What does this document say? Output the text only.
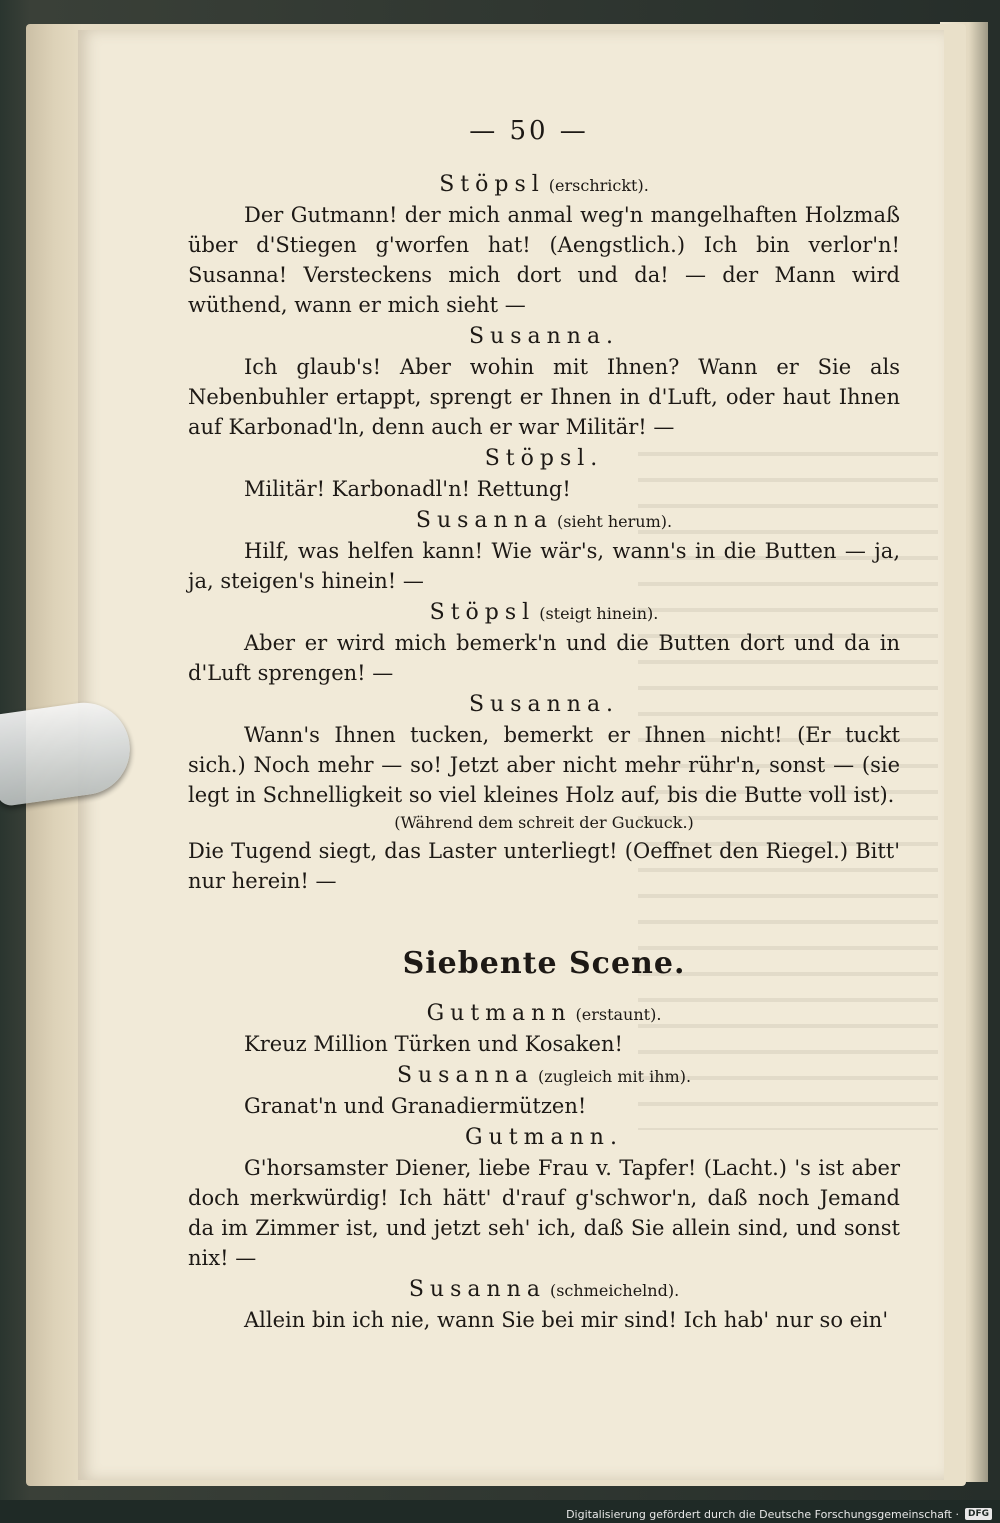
— 50 —
Stöpsl (erschrickt).

Der Gutmann! der mich anmal weg'n mangelhaften Holzmaß über d'Stiegen g'worfen hat! (Aengstlich.) Ich bin verlor'n! Susanna! Versteckens mich dort und da! — der Mann wird wüthend, wann er mich sieht —

Susanna.

Ich glaub's! Aber wohin mit Ihnen? Wann er Sie als Nebenbuhler ertappt, sprengt er Ihnen in d'Luft, oder haut Ihnen auf Karbonad'ln, denn auch er war Militär! —

Stöpsl.

Militär! Karbonadl'n! Rettung!

Susanna (sieht herum).

Hilf, was helfen kann! Wie wär's, wann's in die Butten — ja, ja, steigen's hinein! —

Stöpsl (steigt hinein).

Aber er wird mich bemerk'n und die Butten dort und da in d'Luft sprengen! —

Susanna.

Wann's Ihnen tucken, bemerkt er Ihnen nicht! (Er tuckt sich.) Noch mehr — so! Jetzt aber nicht mehr rühr'n, sonst — (sie legt in Schnelligkeit so viel kleines Holz auf, bis die Butte voll ist).

(Während dem schreit der Guckuck.)

Die Tugend siegt, das Laster unterliegt! (Oeffnet den Riegel.) Bitt' nur herein! —

Siebente Scene.
Gutmann (erstaunt).

Kreuz Million Türken und Kosaken!

Susanna (zugleich mit ihm).

Granat'n und Granadiermützen!

Gutmann.

G'horsamster Diener, liebe Frau v. Tapfer! (Lacht.) 's ist aber doch merkwürdig! Ich hätt' d'rauf g'schwor'n, daß noch Jemand da im Zimmer ist, und jetzt seh' ich, daß Sie allein sind, und sonst nix! —

Susanna (schmeichelnd).

Allein bin ich nie, wann Sie bei mir sind! Ich hab' nur so ein'

Digitalisierung gefördert durch die Deutsche Forschungsgemeinschaft ·	DFG
